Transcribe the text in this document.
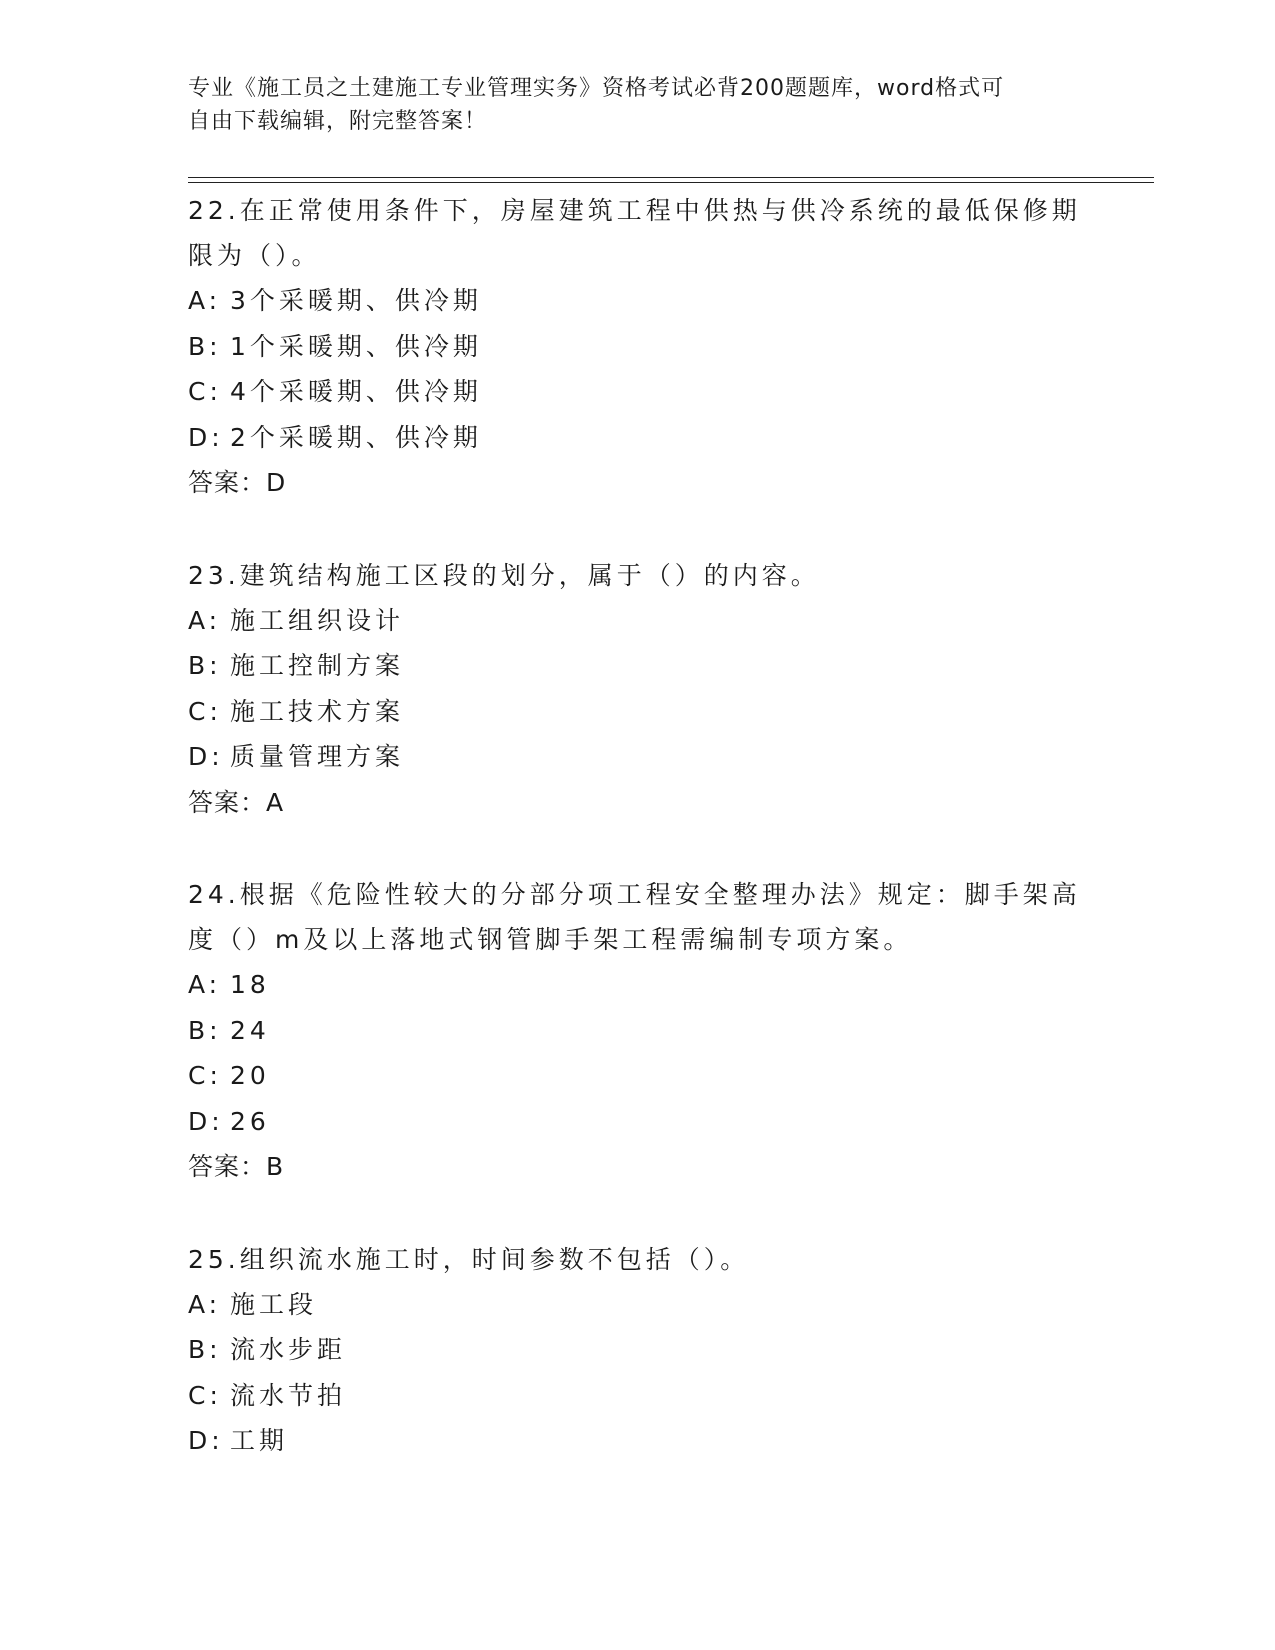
专业《施工员之土建施工专业管理实务》资格考试必背200题题库，word格式可
自由下载编辑，附完整答案！
22.在正常使用条件下，房屋建筑工程中供热与供冷系统的最低保修期
限为（）。
A: 3个采暖期、供冷期
B: 1个采暖期、供冷期
C: 4个采暖期、供冷期
D: 2个采暖期、供冷期
答案：D
23.建筑结构施工区段的划分，属于（）的内容。
A: 施工组织设计
B: 施工控制方案
C: 施工技术方案
D: 质量管理方案
答案：A
24.根据《危险性较大的分部分项工程安全整理办法》规定：脚手架高
度（）m及以上落地式钢管脚手架工程需编制专项方案。
A: 18
B: 24
C: 20
D: 26
答案：B
25.组织流水施工时，时间参数不包括（）。
A: 施工段
B: 流水步距
C: 流水节拍
D: 工期
